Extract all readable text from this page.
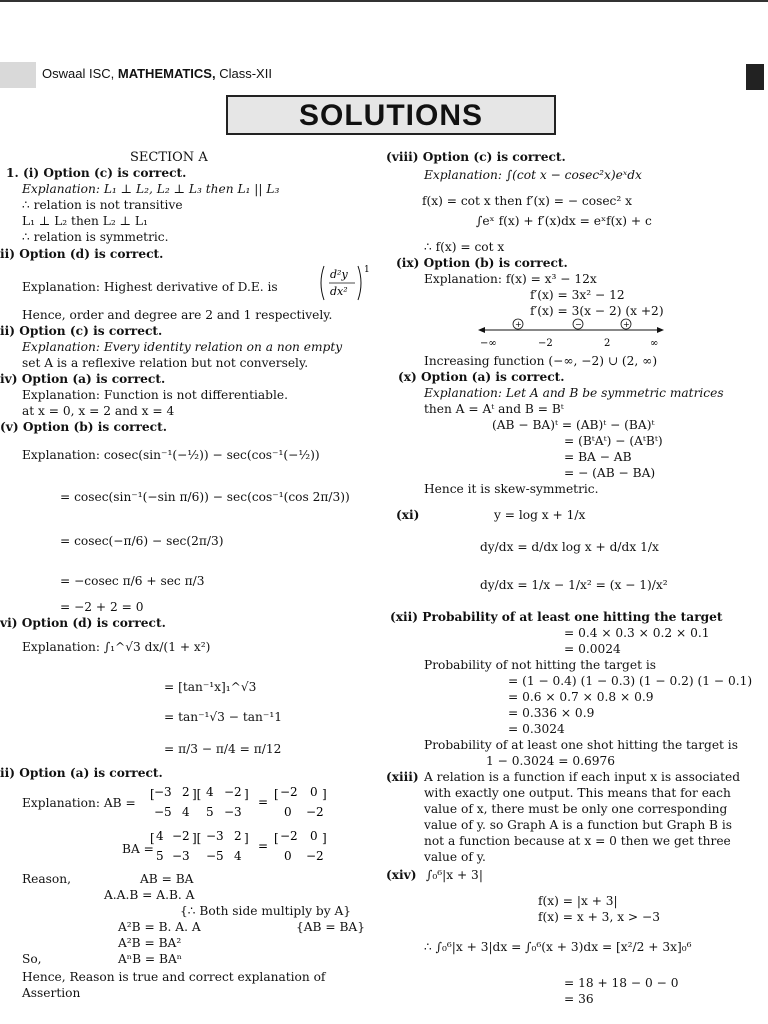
Oswaal ISC, MATHEMATICS, Class-XII
SOLUTIONS
SECTION A
1. (i) Option (c) is correct.
Explanation: L₁ ⊥ L₂, L₂ ⊥ L₃ then L₁ || L₃
∴ relation is not transitive
L₁ ⊥ L₂ then L₂ ⊥ L₁
∴ relation is symmetric.
ii) Option (d) is correct.
Explanation: Highest derivative of D.E. is
d²y
dx²
1
Hence, order and degree are 2 and 1 respectively.
ii) Option (c) is correct.
Explanation: Every identity relation on a non empty
set A is a reflexive relation but not conversely.
iv) Option (a) is correct.
Explanation: Function is not differentiable.
at x = 0, x = 2 and x = 4
(v) Option (b) is correct.
Explanation: cosec(sin⁻¹(−½)) − sec(cos⁻¹(−½))
= cosec(sin⁻¹(−sin π/6)) − sec(cos⁻¹(cos 2π/3))
= cosec(−π/6) − sec(2π/3)
= −cosec π/6 + sec π/3
= −2 + 2 = 0
vi) Option (d) is correct.
Explanation: ∫₁^√3 dx/(1 + x²)
= [tan⁻¹x]₁^√3
= tan⁻¹√3 − tan⁻¹1
= π/3 − π/4 = π/12
ii) Option (a) is correct.
Explanation: AB =
[ −3 2
−5 4
][ 4 −2
5 −3
]
=
[ −2 0
0 −2
]
BA =
[ 4 −2
5 −3
][ −3 2
−5 4
]
=
[ −2 0
0 −2
]
Reason,	AB = BA
A.A.B = A.B. A
{∴ Both side multiply by A}
A²B = B. A. A	{AB = BA}
A²B = BA²
So,	AⁿB = BAⁿ
Hence, Reason is true and correct explanation of
Assertion
(viii) Option (c) is correct.
Explanation: ∫(cot x − cosec²x)eˣdx
f(x) = cot x then f′(x) = − cosec² x
∫eˣ f(x) + f′(x)dx = eˣf(x) + c
∴ f(x) = cot x
(ix) Option (b) is correct.
Explanation: f(x) = x³ − 12x
f′(x) = 3x² − 12
f′(x) = 3(x − 2) (x +2)
+	−	+
−∞	−2	2	∞
Increasing function (−∞, −2) ∪ (2, ∞)
(x) Option (a) is correct.
Explanation: Let A and B be symmetric matrices
then A = Aᵗ and B = Bᵗ
(AB − BA)ᵗ = (AB)ᵗ − (BA)ᵗ
= (BᵗAᵗ) − (AᵗBᵗ)
= BA − AB
= − (AB − BA)
Hence it is skew-symmetric.
(xi)	y = log x + 1/x
dy/dx = d/dx log x + d/dx 1/x
dy/dx = 1/x − 1/x² = (x − 1)/x²
(xii) Probability of at least one hitting the target
= 0.4 × 0.3 × 0.2 × 0.1
= 0.0024
Probability of not hitting the target is
= (1 − 0.4) (1 − 0.3) (1 − 0.2) (1 − 0.1)
= 0.6 × 0.7 × 0.8 × 0.9
= 0.336 × 0.9
= 0.3024
Probability of at least one shot hitting the target is
1 − 0.3024 = 0.6976
(xiii) A relation is a function if each input x is associated
with exactly one output. This means that for each
value of x, there must be only one corresponding
value of y. so Graph A is a function but Graph B is
not a function because at x = 0 then we get three
value of y.
(xiv) ∫₀⁶|x + 3|
f(x) = |x + 3|
f(x) = x + 3, x > −3
∴ ∫₀⁶|x + 3|dx = ∫₀⁶(x + 3)dx = [x²/2 + 3x]₀⁶
= 18 + 18 − 0 − 0
= 36
